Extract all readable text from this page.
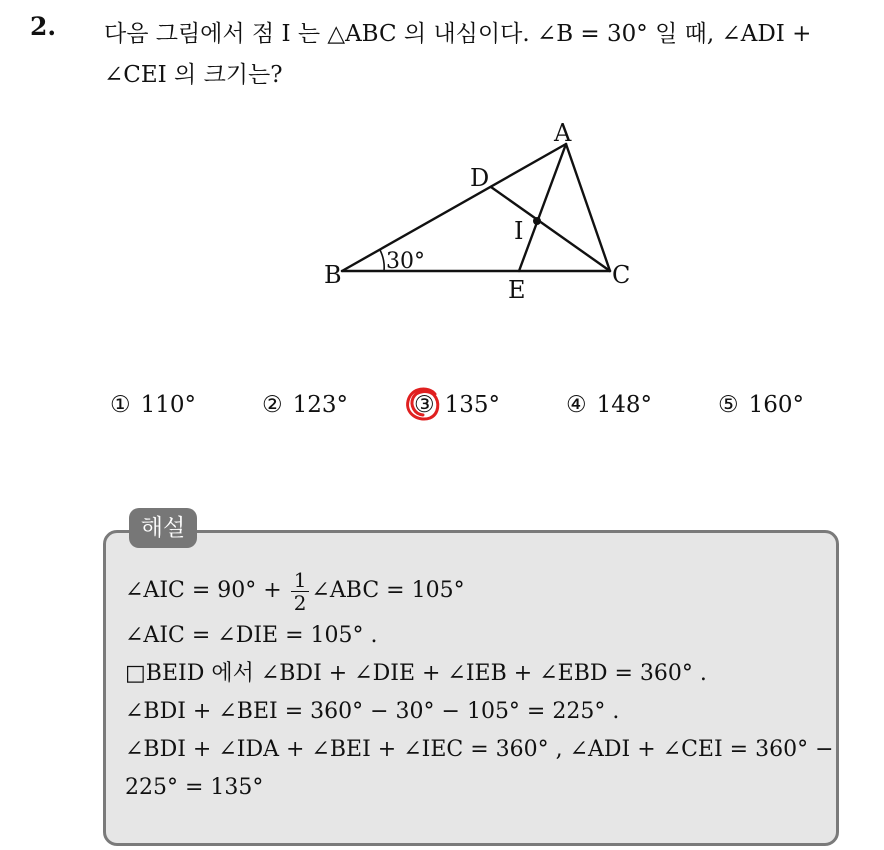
2. 다음 그림에서 점 I 는 △ABC 의 내심이다. ∠B = 30° 일 때, ∠ADI +
∠CEI 의 크기는?
A
B	C
D
E
I
30°
① 110°	② 123°	③ 135°	④ 148°	⑤ 160°
해설
∠AIC = $90^\circ + \frac{1}{2}$ ∠ABC = 105°
∠AIC = ∠DIE = 105° .
□BEID 에서 ∠BDI + ∠DIE + ∠IEB + ∠EBD = 360° .
∠BDI + ∠BEI = 360° − 30° − 105° = 225° .
∠BDI + ∠IDA + ∠BEI + ∠IEC = 360° , ∠ADI + ∠CEI = 360° −
225° = 135°
